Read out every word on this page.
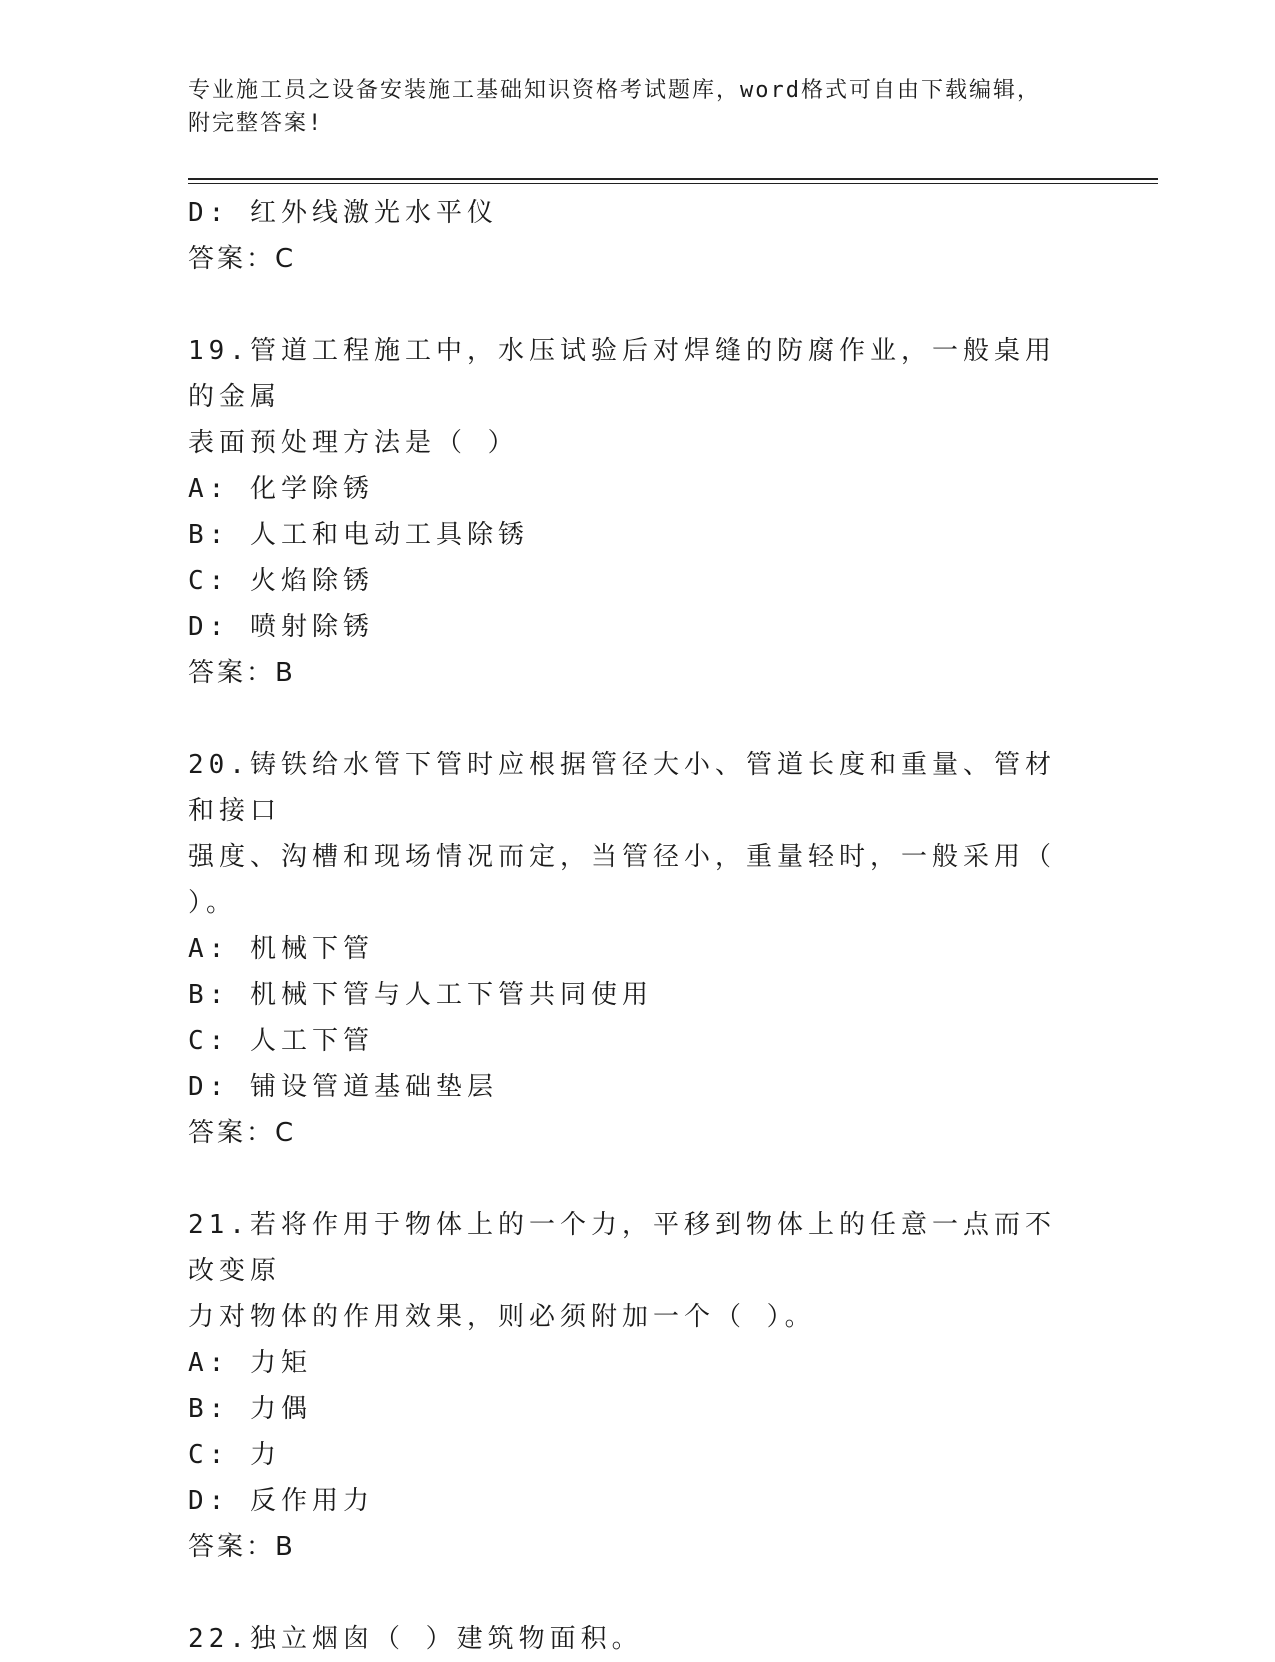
专业施工员之设备安装施工基础知识资格考试题库，word格式可自由下载编辑，
附完整答案!
D: 红外线激光水平仪
答案：C
19.管道工程施工中，水压试验后对焊缝的防腐作业，一般桌用的金属
表面预处理方法是（ ）
A: 化学除锈
B: 人工和电动工具除锈
C: 火焰除锈
D: 喷射除锈
答案：B
20.铸铁给水管下管时应根据管径大小、管道长度和重量、管材和接口
强度、沟槽和现场情况而定，当管径小，重量轻时，一般采用（ ）。
A: 机械下管
B: 机械下管与人工下管共同使用
C: 人工下管
D: 铺设管道基础垫层
答案：C
21.若将作用于物体上的一个力，平移到物体上的任意一点而不改变原
力对物体的作用效果，则必须附加一个（ ）。
A: 力矩
B: 力偶
C: 力
D: 反作用力
答案：B
22.独立烟囱（ ）建筑物面积。
